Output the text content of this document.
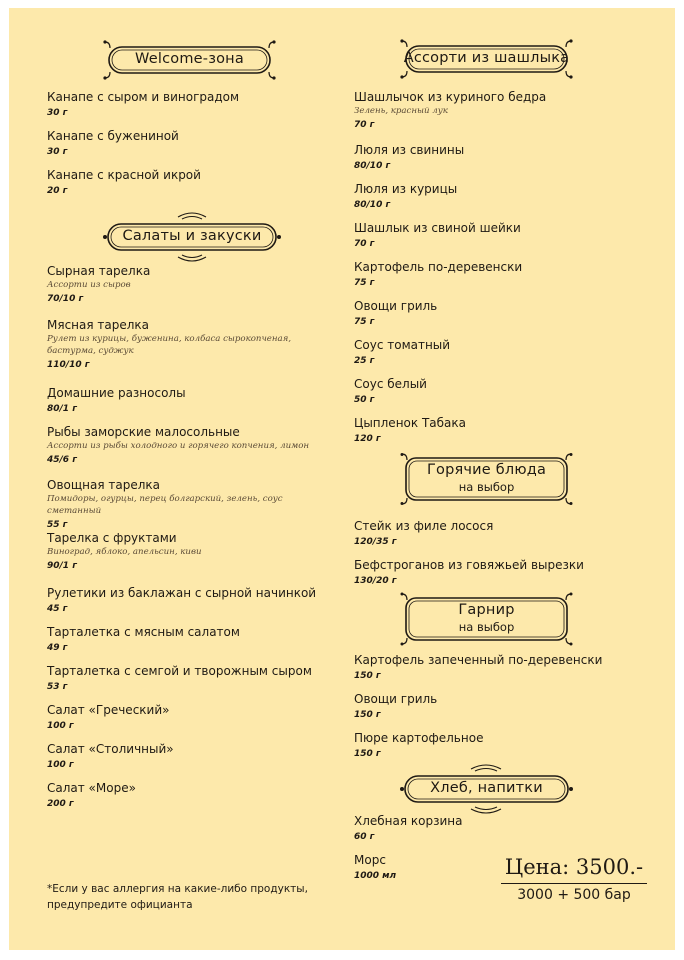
Welcome-зона
Канапе с сыром и виноградом
30 г
Канапе с бужениной
30 г
Канапе с красной икрой
20 г
Салаты и закуски
Сырная тарелка
Ассорти из сыров
70/10 г
Мясная тарелка
Рулет из курицы, буженина, колбаса сырокопченая, бастурма, суджук
110/10 г
Домашние разносолы
80/1 г
Рыбы заморские малосольные
Ассорти из рыбы холодного и горячего копчения, лимон
45/6 г
Овощная тарелка
Помидоры, огурцы, перец болгарский, зелень, соус сметанный
55 г
Тарелка с фруктами
Виноград, яблоко, апельсин, киви
90/1 г
Рулетики из баклажан с сырной начинкой
45 г
Тарталетка с мясным салатом
49 г
Тарталетка с семгой и творожным сыром
53 г
Салат «Греческий»
100 г
Салат «Столичный»
100 г
Салат «Море»
200 г
Ассорти из шашлыка
Шашлычок из куриного бедра
Зелень, красный лук
70 г
Люля из свинины
80/10 г
Люля из курицы
80/10 г
Шашлык из свиной шейки
70 г
Картофель по-деревенски
75 г
Овощи гриль
75 г
Соус томатный
25 г
Соус белый
50 г
Цыпленок Табака
120 г
Горячие блюда
на выбор
Стейк из филе лосося
120/35 г
Бефстроганов из говяжьей вырезки
130/20 г
Гарнир
на выбор
Картофель запеченный по-деревенски
150 г
Овощи гриль
150 г
Пюре картофельное
150 г
Хлеб, напитки
Хлебная корзина
60 г
Морс
1000 мл
*Если у вас аллергия на какие-либо продукты, предупредите официанта
Цена: 3500.-
3000 + 500 бар
